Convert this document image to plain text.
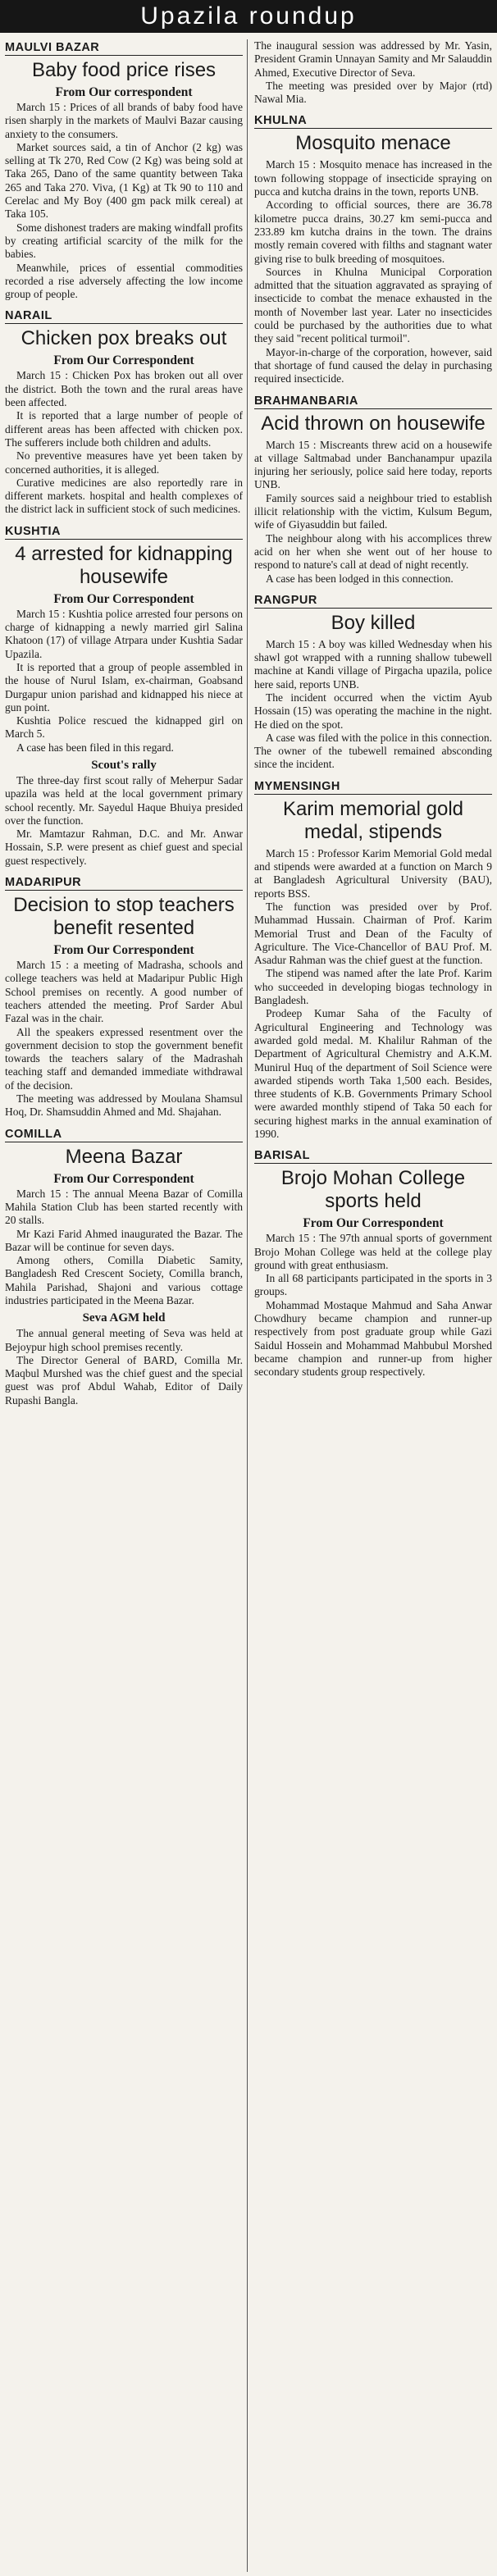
Upazila roundup
MAULVI BAZAR
Baby food price rises
From Our correspondent

March 15 : Prices of all brands of baby food have risen sharply in the markets of Maulvi Bazar causing anxiety to the consumers.

Market sources said, a tin of Anchor (2 kg) was selling at Tk 270, Red Cow (2 Kg) was being sold at Taka 265, Dano of the same quantity between Taka 265 and Taka 270. Viva, (1 Kg) at Tk 90 to 110 and Cerelac and My Boy (400 gm pack milk cereal) at Taka 105.

Some dishonest traders are making windfall profits by creating artificial scarcity of the milk for the babies.

Meanwhile, prices of essential commodities recorded a rise adversely affecting the low income group of people.

NARAIL
Chicken pox breaks out
From Our Correspondent

March 15 : Chicken Pox has broken out all over the district. Both the town and the rural areas have been affected.

It is reported that a large number of people of different areas has been affected with chicken pox. The sufferers include both children and adults.

No preventive measures have yet been taken by concerned authorities, it is alleged.

Curative medicines are also reportedly rare in different markets. hospital and health complexes of the district lack in sufficient stock of such medicines.

KUSHTIA
4 arrested for kidnapping housewife
From Our Correspondent

March 15 : Kushtia police arrested four persons on charge of kidnapping a newly married girl Salina Khatoon (17) of village Atrpara under Kushtia Sadar Upazila.

It is reported that a group of people assembled in the house of Nurul Islam, ex-chairman, Goabsand Durgapur union parishad and kidnapped his niece at gun point.

Kushtia Police rescued the kidnapped girl on March 5.

A case has been filed in this regard.

Scout's rally

The three-day first scout rally of Meherpur Sadar upazila was held at the local government primary school recently. Mr. Sayedul Haque Bhuiya presided over the function.

Mr. Mamtazur Rahman, D.C. and Mr. Anwar Hossain, S.P. were present as chief guest and special guest respectively.

MADARIPUR
Decision to stop teachers benefit resented
From Our Correspondent

March 15 : a meeting of Madrasha, schools and college teachers was held at Madaripur Public High School premises on recently. A good number of teachers attended the meeting. Prof Sarder Abul Fazal was in the chair.

All the speakers expressed resentment over the government decision to stop the government benefit towards the teachers salary of the Madrashah teaching staff and demanded immediate withdrawal of the decision.

The meeting was addressed by Moulana Shamsul Hoq, Dr. Shamsuddin Ahmed and Md. Shajahan.

COMILLA
Meena Bazar
From Our Correspondent

March 15 : The annual Meena Bazar of Comilla Mahila Station Club has been started recently with 20 stalls.

Mr Kazi Farid Ahmed inaugurated the Bazar. The Bazar will be continue for seven days.

Among others, Comilla Diabetic Samity, Bangladesh Red Crescent Society, Comilla branch, Mahila Parishad, Shajoni and various cottage industries participated in the Meena Bazar.

Seva AGM held

The annual general meeting of Seva was held at Bejoypur high school premises recently.

The Director General of BARD, Comilla Mr. Maqbul Murshed was the chief guest and the special guest was prof Abdul Wahab, Editor of Daily Rupashi Bangla.

The inaugural session was addressed by Mr. Yasin, President Gramin Unnayan Samity and Mr Salauddin Ahmed, Executive Director of Seva.

The meeting was presided over by Major (rtd) Nawal Mia.

KHULNA
Mosquito menace

March 15 : Mosquito menace has increased in the town following stoppage of insecticide spraying on pucca and kutcha drains in the town, reports UNB.

According to official sources, there are 36.78 kilometre pucca drains, 30.27 km semi-pucca and 233.89 km kutcha drains in the town. The drains mostly remain covered with filths and stagnant water giving rise to bulk breeding of mosquitoes.

Sources in Khulna Municipal Corporation admitted that the situation aggravated as spraying of insecticide to combat the menace exhausted in the month of November last year. Later no insecticides could be purchased by the authorities due to what they said "recent political turmoil".

Mayor-in-charge of the corporation, however, said that shortage of fund caused the delay in purchasing required insecticide.

BRAHMANBARIA
Acid thrown on housewife

March 15 : Miscreants threw acid on a housewife at village Saltmabad under Banchanampur upazila injuring her seriously, police said here today, reports UNB.

Family sources said a neighbour tried to establish illicit relationship with the victim, Kulsum Begum, wife of Giyasuddin but failed.

The neighbour along with his accomplices threw acid on her when she went out of her house to respond to nature's call at dead of night recently.

A case has been lodged in this connection.

RANGPUR
Boy killed

March 15 : A boy was killed Wednesday when his shawl got wrapped with a running shallow tubewell machine at Kandi village of Pirgacha upazila, police here said, reports UNB.

The incident occurred when the victim Ayub Hossain (15) was operating the machine in the night. He died on the spot.

A case was filed with the police in this connection. The owner of the tubewell remained absconding since the incident.

MYMENSINGH
Karim memorial gold medal, stipends

March 15 : Professor Karim Memorial Gold medal and stipends were awarded at a function on March 9 at Bangladesh Agricultural University (BAU), reports BSS.

The function was presided over by Prof. Muhammad Hussain. Chairman of Prof. Karim Memorial Trust and Dean of the Faculty of Agriculture. The Vice-Chancellor of BAU Prof. M. Asadur Rahman was the chief guest at the function.

The stipend was named after the late Prof. Karim who succeeded in developing biogas technology in Bangladesh.

Prodeep Kumar Saha of the Faculty of Agricultural Engineering and Technology was awarded gold medal. M. Khalilur Rahman of the Department of Agricultural Chemistry and A.K.M. Munirul Huq of the department of Soil Science were awarded stipends worth Taka 1,500 each. Besides, three students of K.B. Governments Primary School were awarded monthly stipend of Taka 50 each for securing highest marks in the annual examination of 1990.

BARISAL
Brojo Mohan College sports held
From Our Correspondent

March 15 : The 97th annual sports of government Brojo Mohan College was held at the college play ground with great enthusiasm.

In all 68 participants participated in the sports in 3 groups.

Mohammad Mostaque Mahmud and Saha Anwar Chowdhury became champion and runner-up respectively from post graduate group while Gazi Saidul Hossein and Mohammad Mahbubul Morshed became champion and runner-up from higher secondary students group respectively.
